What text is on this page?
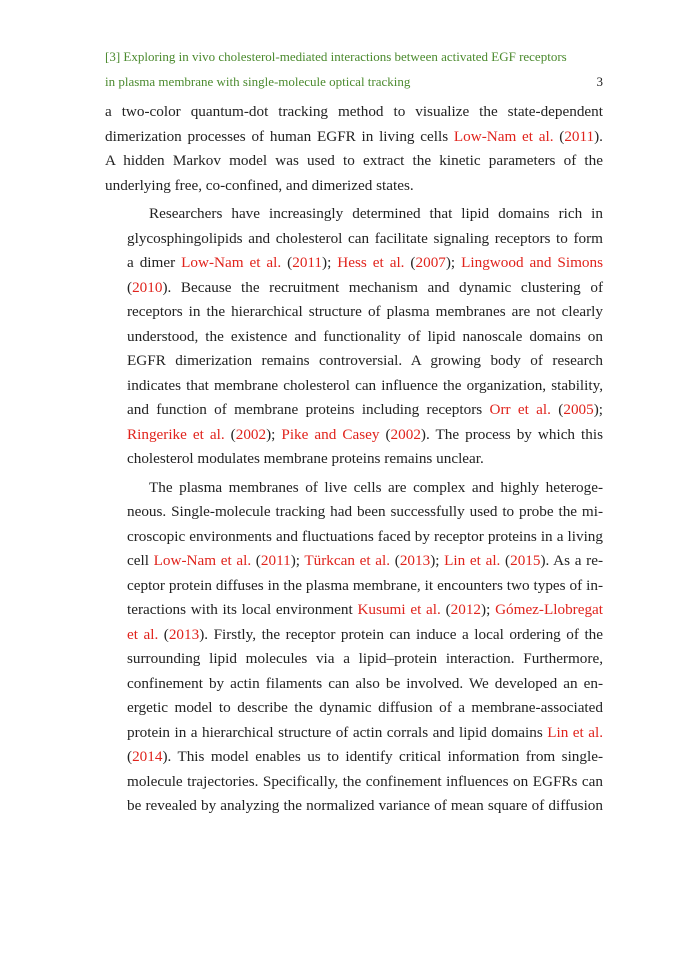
[3] Exploring in vivo cholesterol-mediated interactions between activated EGF receptors
in plasma membrane with single-molecule optical tracking	3
a two-color quantum-dot tracking method to visualize the state-dependent
dimerization processes of human EGFR in living cells Low-Nam et al. (2011).
A hidden Markov model was used to extract the kinetic parameters of the
underlying free, co-confined, and dimerized states.
Researchers have increasingly determined that lipid domains rich in
glycosphingolipids and cholesterol can facilitate signaling receptors to form
a dimer Low-Nam et al. (2011); Hess et al. (2007); Lingwood and Simons
(2010). Because the recruitment mechanism and dynamic clustering of
receptors in the hierarchical structure of plasma membranes are not clearly
understood, the existence and functionality of lipid nanoscale domains on
EGFR dimerization remains controversial. A growing body of research
indicates that membrane cholesterol can influence the organization, stability,
and function of membrane proteins including receptors Orr et al. (2005);
Ringerike et al. (2002); Pike and Casey (2002). The process by which this
cholesterol modulates membrane proteins remains unclear.
The plasma membranes of live cells are complex and highly heteroge-
neous. Single-molecule tracking had been successfully used to probe the mi-
croscopic environments and fluctuations faced by receptor proteins in a living
cell Low-Nam et al. (2011); Türkcan et al. (2013); Lin et al. (2015). As a re-
ceptor protein diffuses in the plasma membrane, it encounters two types of in-
teractions with its local environment Kusumi et al. (2012); Gómez-Llobregat
et al. (2013). Firstly, the receptor protein can induce a local ordering of the
surrounding lipid molecules via a lipid–protein interaction. Furthermore,
confinement by actin filaments can also be involved. We developed an en-
ergetic model to describe the dynamic diffusion of a membrane-associated
protein in a hierarchical structure of actin corrals and lipid domains Lin et al.
(2014). This model enables us to identify critical information from single-
molecule trajectories. Specifically, the confinement influences on EGFRs can
be revealed by analyzing the normalized variance of mean square of diffusion
